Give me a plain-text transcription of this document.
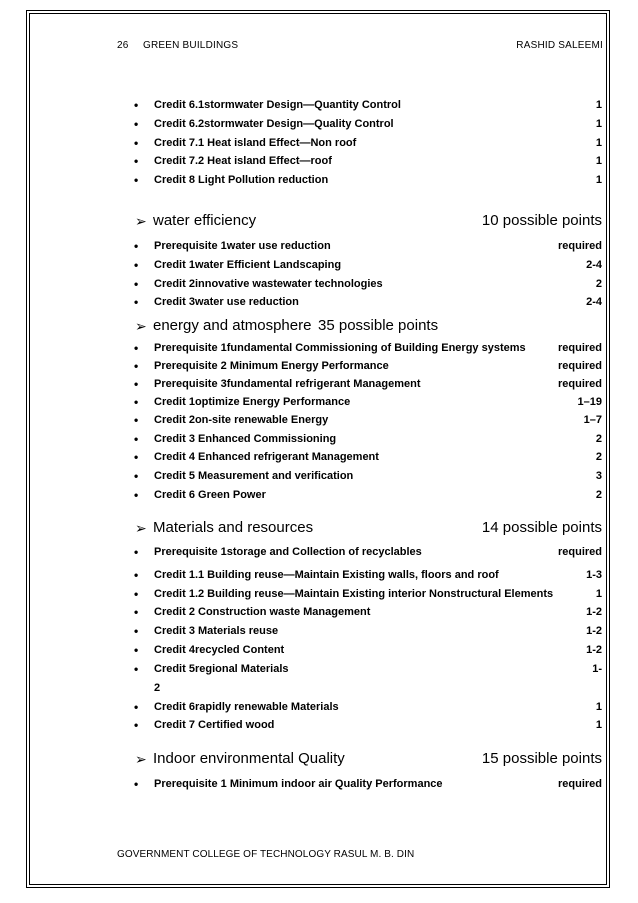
26 GREEN BUILDINGS	RASHID SALEEMI
• Credit 6.1stormwater Design—Quantity Control	1
• Credit 6.2stormwater Design—Quality Control	1
• Credit 7.1 Heat island Effect—Non roof	1
• Credit 7.2 Heat island Effect—roof	1
• Credit 8 Light Pollution reduction	1
➢ water efficiency	10 possible points
• Prerequisite 1water use reduction	required
• Credit 1water Efficient Landscaping	2-4
• Credit 2innovative wastewater technologies	2
• Credit 3water use reduction	2-4
➢ energy and atmosphere 35 possible points
• Prerequisite 1fundamental Commissioning of Building Energy systems	required
• Prerequisite 2 Minimum Energy Performance	required
• Prerequisite 3fundamental refrigerant Management	required
• Credit 1optimize Energy Performance	1–19
• Credit 2on-site renewable Energy	1–7
• Credit 3 Enhanced Commissioning	2
• Credit 4 Enhanced refrigerant Management	2
• Credit 5 Measurement and verification	3
• Credit 6 Green Power	2
➢ Materials and resources	14 possible points
• Prerequisite 1storage and Collection of recyclables	required
• Credit 1.1 Building reuse—Maintain Existing walls, floors and roof	1-3
• Credit 1.2 Building reuse—Maintain Existing interior Nonstructural Elements	1
• Credit 2 Construction waste Management	1-2
• Credit 3 Materials reuse	1-2
• Credit 4recycled Content	1-2
• Credit 5regional Materials	1-
2
• Credit 6rapidly renewable Materials	1
• Credit 7 Certified wood	1
➢ Indoor environmental Quality	15 possible points
• Prerequisite 1 Minimum indoor air Quality Performance	required
GOVERNMENT COLLEGE OF TECHNOLOGY RASUL M. B. DIN
